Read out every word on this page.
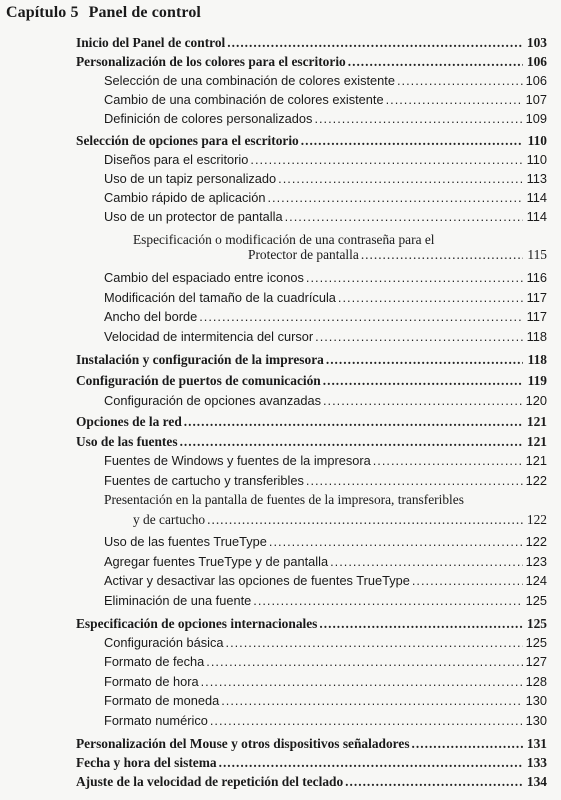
Capítulo 5 Panel de control
Inicio del Panel de control .....	103
Personalización de los colores para el escritorio .....	106
Selección de una combinación de colores existente .....	106
Cambio de una combinación de colores existente .....	107
Definición de colores personalizados .....	109
Selección de opciones para el escritorio .....	110
Diseños para el escritorio .....	110
Uso de un tapiz personalizado .....	113
Cambio rápido de aplicación .....	114
Uso de un protector de pantalla .....	114
Especificación o modificación de una contraseña para el
Protector de pantalla .....	115
Cambio del espaciado entre iconos .....	116
Modificación del tamaño de la cuadrícula .....	117
Ancho del borde .....	117
Velocidad de intermitencia del cursor .....	118
Instalación y configuración de la impresora .....	118
Configuración de puertos de comunicación .....	119
Configuración de opciones avanzadas .....	120
Opciones de la red .....	121
Uso de las fuentes .....	121
Fuentes de Windows y fuentes de la impresora .....	121
Fuentes de cartucho y transferibles .....	122
Presentación en la pantalla de fuentes de la impresora, transferibles
y de cartucho .....	122
Uso de las fuentes TrueType .....	122
Agregar fuentes TrueType y de pantalla .....	123
Activar y desactivar las opciones de fuentes TrueType .....	124
Eliminación de una fuente .....	125
Especificación de opciones internacionales .....	125
Configuración básica .....	125
Formato de fecha .....	127
Formato de hora .....	128
Formato de moneda .....	130
Formato numérico .....	130
Personalización del Mouse y otros dispositivos señaladores .....	131
Fecha y hora del sistema .....	133
Ajuste de la velocidad de repetición del teclado .....	134
